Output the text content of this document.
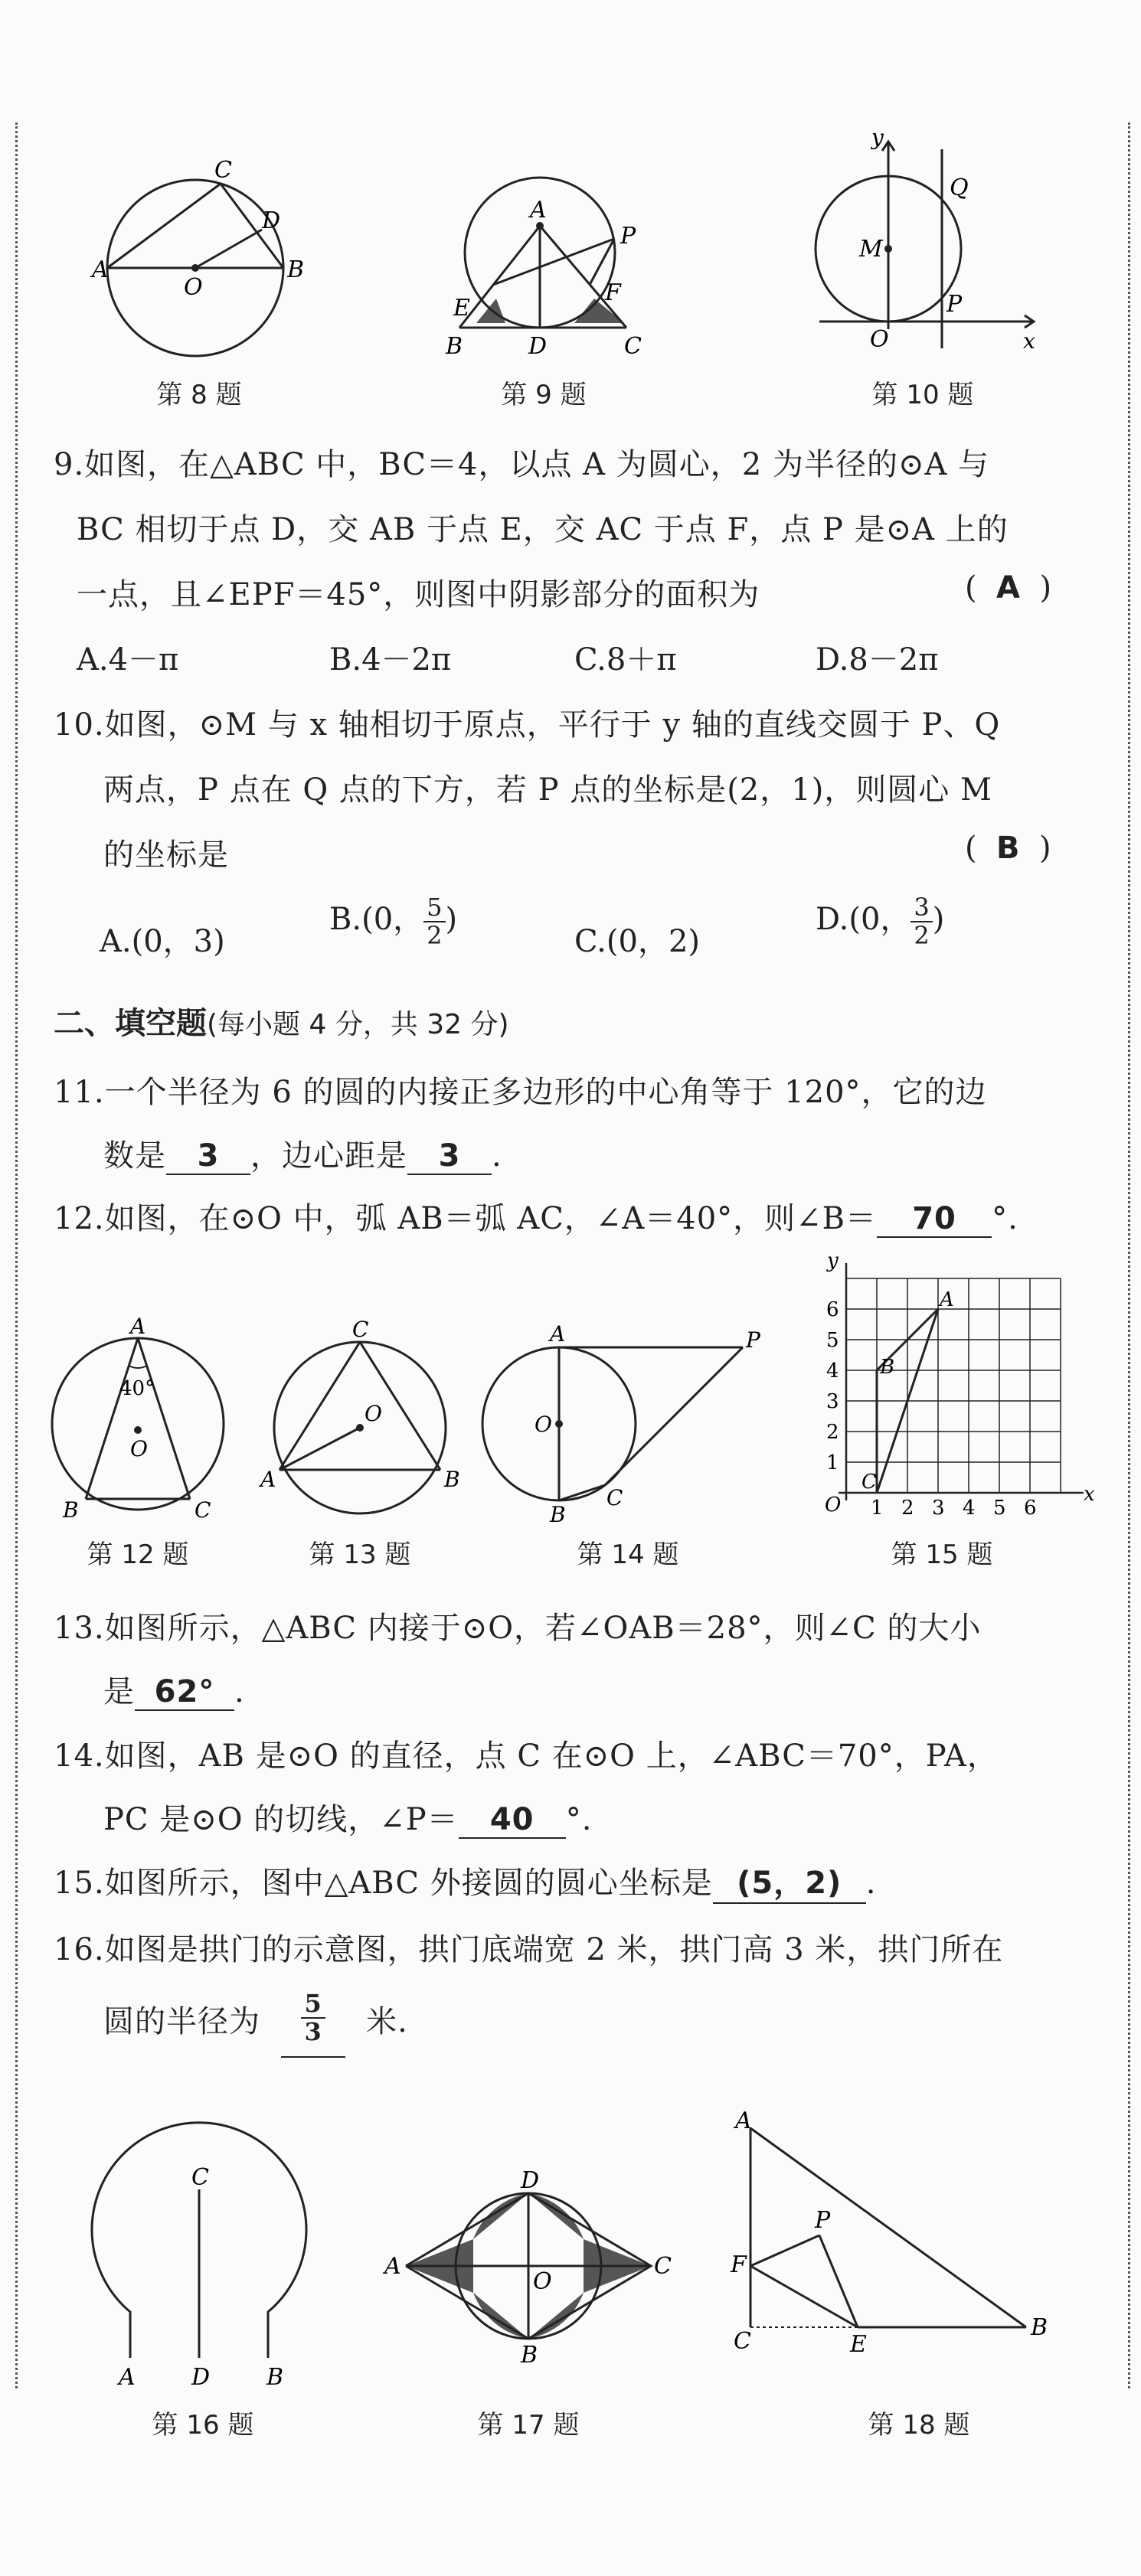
A	B
C
D
O
第 8 题
A
B	C
D
E
F
P
第 9 题
y
x
O
M
P
Q
第 10 题
9.如图，在△ABC 中，BC＝4，以点 A 为圆心，2 为半径的⊙A 与
BC 相切于点 D，交 AB 于点 E，交 AC 于点 F，点 P 是⊙A 上的
一点，且∠EPF＝45°，则图中阴影部分的面积为	(  A  )
A.4－π	B.4－2π	C.8＋π	D.8－2π
10.如图，⊙M 与 x 轴相切于原点，平行于 y 轴的直线交圆于 P、Q
两点，P 点在 Q 点的下方，若 P 点的坐标是(2，1)，则圆心 M
的坐标是	(  B  )
A.(0，3)
B.(0， $\frac{5}{2}$ )
C.(0，2)
D.(0， $\frac{3}{2}$ )
二、填空题(每小题 4 分，共 32 分)
11.一个半径为 6 的圆的内接正多边形的中心角等于 120°，它的边
数是 3 ，边心距是 3 .
12.如图，在⊙O 中，弧 AB＝弧 AC，∠A＝40°，则∠B＝ 70 °.
A
B	C
O
40°
第 12 题
A	B
C
O
第 13 题
A
B
C
O
P
第 14 题
x
y
O 1 2 3 4 5 6
1
2
3
4
5
6	A
B
C
第 15 题
13.如图所示，△ABC 内接于⊙O，若∠OAB＝28°，则∠C 的大小
是 62° .
14.如图，AB 是⊙O 的直径，点 C 在⊙O 上，∠ABC＝70°，PA，
PC 是⊙O 的切线，∠P＝ 40 °.
15.如图所示，图中△ABC 外接圆的圆心坐标是 (5，2) .
16.如图是拱门的示意图，拱门底端宽 2 米，拱门高 3 米，拱门所在
圆的半径为 $\frac{5}{3}$ 米.
A	B
C
D
第 16 题
A
B
C
D
O
第 17 题
A
B
C	E
F
P
第 18 题
